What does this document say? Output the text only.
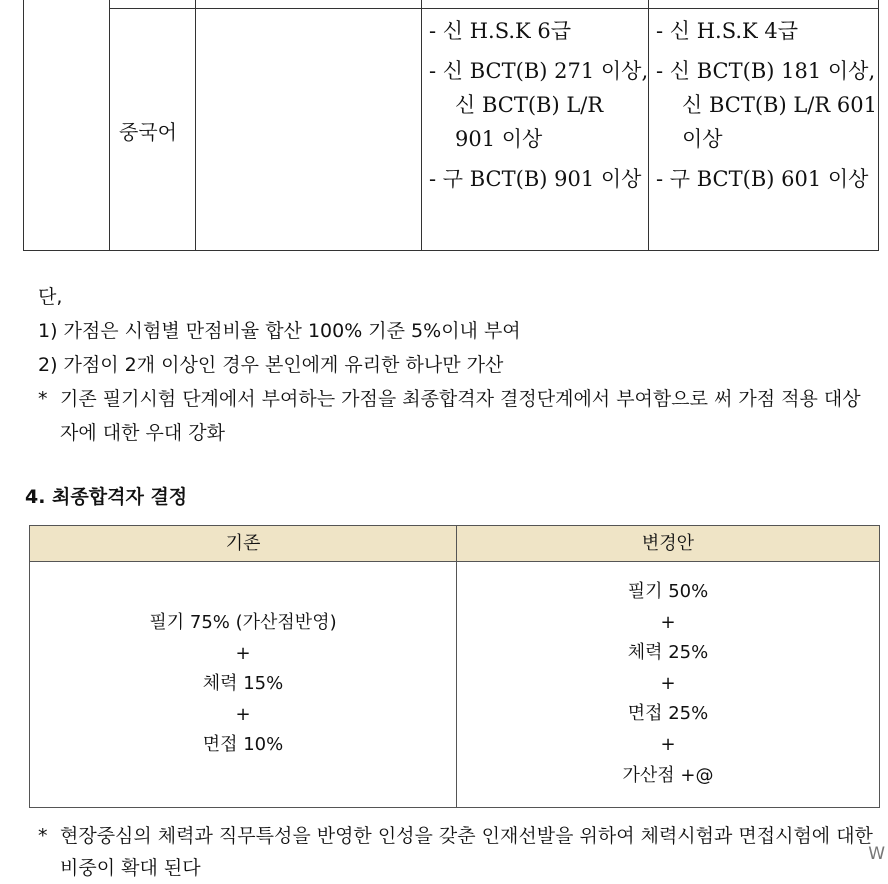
중국어
- 신 H.S.K 6급
- 신 BCT(B) 271 이상, 신 BCT(B) L/R 901 이상
- 구 BCT(B) 901 이상
- 신 H.S.K 4급
- 신 BCT(B) 181 이상, 신 BCT(B) L/R 601 이상
- 구 BCT(B) 601 이상
단,
1) 가점은 시험별 만점비율 합산 100% 기준 5%이내 부여
2) 가점이 2개 이상인 경우 본인에게 유리한 하나만 가산
* 기존 필기시험 단계에서 부여하는 가점을 최종합격자 결정단계에서 부여함으로 써 가점 적용 대상자에 대한 우대 강화
4. 최종합격자 결정
기존	변경안
필기 75% (가산점반영)
+
체력 15%
+
면접 10%
필기 50%
+
체력 25%
+
면접 25%
+
가산점 +@
* 현장중심의 체력과 직무특성을 반영한 인성을 갖춘 인재선발을 위하여 체력시험과 면접시험에 대한 비중이 확대 된다
W
